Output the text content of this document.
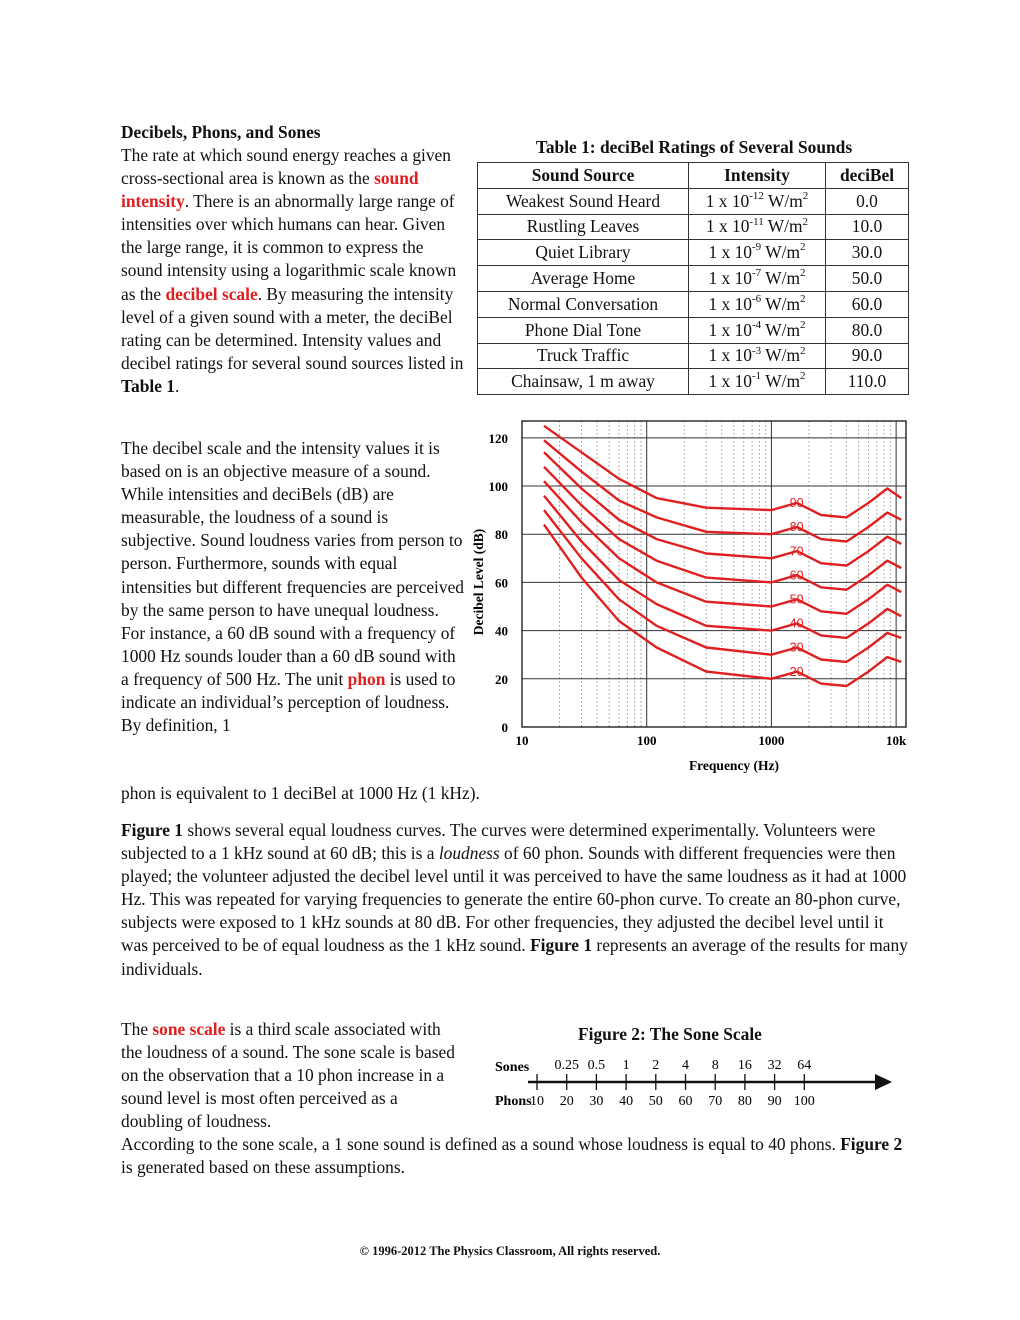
Decibels, Phons, and Sones
The rate at which sound energy reaches a given cross-sectional area is known as the sound intensity. There is an abnormally large range of intensities over which humans can hear. Given the large range, it is common to express the sound intensity using a logarithmic scale known as the decibel scale. By measuring the intensity level of a given sound with a meter, the deciBel rating can be determined. Intensity values and decibel ratings for several sound sources listed in Table 1.
Table 1: deciBel Ratings of Several Sounds
Sound Source	Intensity	deciBel
Weakest Sound Heard	1 x $10^{-12}$ $W/m^2$	0.0
Rustling Leaves	1 x $10^{-11}$ $W/m^2$	10.0
Quiet Library	1 x $10^{-9}$ $W/m^2$	30.0
Average Home	1 x $10^{-7}$ $W/m^2$	50.0
Normal Conversation	1 x $10^{-6}$ $W/m^2$	60.0
Phone Dial Tone	1 x $10^{-4}$ $W/m^2$	80.0
Truck Traffic	1 x $10^{-3}$ $W/m^2$	90.0
Chainsaw, 1 m away	1 x $10^{-1}$ $W/m^2$	110.0
0
20
40
60
80
100
120
10	100	1000	10k
Frequency (Hz)
Decibel Level (dB)
90
80
70
60
50
40
30
20
The decibel scale and the intensity values it is based on is an objective measure of a sound. While intensities and deciBels (dB) are measurable, the loudness of a sound is subjective. Sound loudness varies from person to person. Furthermore, sounds with equal intensities but different frequencies are perceived by the same person to have unequal loudness. For instance, a 60 dB sound with a frequency of 1000 Hz sounds louder than a 60 dB sound with a frequency of 500 Hz. The unit phon is used to indicate an individual’s perception of loudness. By definition, 1
phon is equivalent to 1 deciBel at 1000 Hz (1 kHz).
Figure 1 shows several equal loudness curves. The curves were determined experimentally. Volunteers were subjected to a 1 kHz sound at 60 dB; this is a loudness of 60 phon. Sounds with different frequencies were then played; the volunteer adjusted the decibel level until it was perceived to have the same loudness as it had at 1000 Hz. This was repeated for varying frequencies to generate the entire 60-phon curve. To create an 80-phon curve, subjects were exposed to 1 kHz sounds at 80 dB. For other frequencies, they adjusted the decibel level until it was perceived to be of equal loudness as the 1 kHz sound. Figure 1 represents an average of the results for many individuals.
The sone scale is a third scale associated with the loudness of a sound. The sone scale is based on the observation that a 10 phon increase in a sound level is most often perceived as a doubling of loudness.
According to the sone scale, a 1 sone sound is defined as a sound whose loudness is equal to 40 phons. Figure 2 is generated based on these assumptions.
Figure 2: The Sone Scale
10 20 30 40 50 60 70 80 90 100
0.25 0.5 1 2 4 8 16 32 64
Sones
Phons
© 1996-2012 The Physics Classroom, All rights reserved.
